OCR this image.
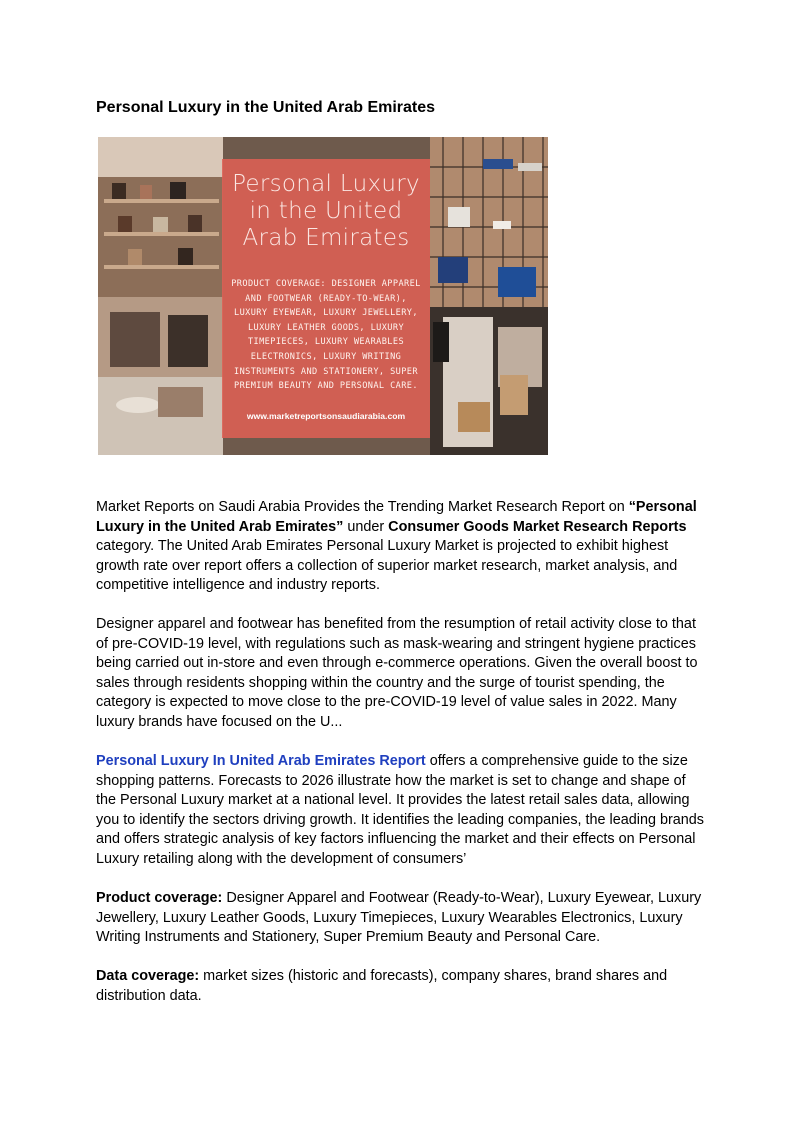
Personal Luxury in the United Arab Emirates
Personal Luxury
in the United
Arab Emirates
PRODUCT COVERAGE: DESIGNER APPAREL AND FOOTWEAR (READY-TO-WEAR), LUXURY EYEWEAR, LUXURY JEWELLERY, LUXURY LEATHER GOODS, LUXURY TIMEPIECES, LUXURY WEARABLES ELECTRONICS, LUXURY WRITING INSTRUMENTS AND STATIONERY, SUPER PREMIUM BEAUTY AND PERSONAL CARE.
www.marketreportsonsaudiarabia.com

Market Reports on Saudi Arabia Provides the Trending Market Research Report on “Personal Luxury in the United Arab Emirates” under Consumer Goods Market Research Reports category. The United Arab Emirates Personal Luxury Market is projected to exhibit highest growth rate over report offers a collection of superior market research, market analysis, and competitive intelligence and industry reports.

Designer apparel and footwear has benefited from the resumption of retail activity close to that of pre-COVID-19 level, with regulations such as mask-wearing and stringent hygiene practices being carried out in-store and even through e-commerce operations. Given the overall boost to sales through residents shopping within the country and the surge of tourist spending, the category is expected to move close to the pre-COVID-19 level of value sales in 2022. Many luxury brands have focused on the U...

Personal Luxury In United Arab Emirates Report offers a comprehensive guide to the size shopping patterns. Forecasts to 2026 illustrate how the market is set to change and shape of the Personal Luxury market at a national level. It provides the latest retail sales data, allowing you to identify the sectors driving growth. It identifies the leading companies, the leading brands and offers strategic analysis of key factors influencing the market and their effects on Personal Luxury retailing along with the development of consumers’

Product coverage: Designer Apparel and Footwear (Ready-to-Wear), Luxury Eyewear, Luxury Jewellery, Luxury Leather Goods, Luxury Timepieces, Luxury Wearables Electronics, Luxury Writing Instruments and Stationery, Super Premium Beauty and Personal Care.

Data coverage: market sizes (historic and forecasts), company shares, brand shares and distribution data.
